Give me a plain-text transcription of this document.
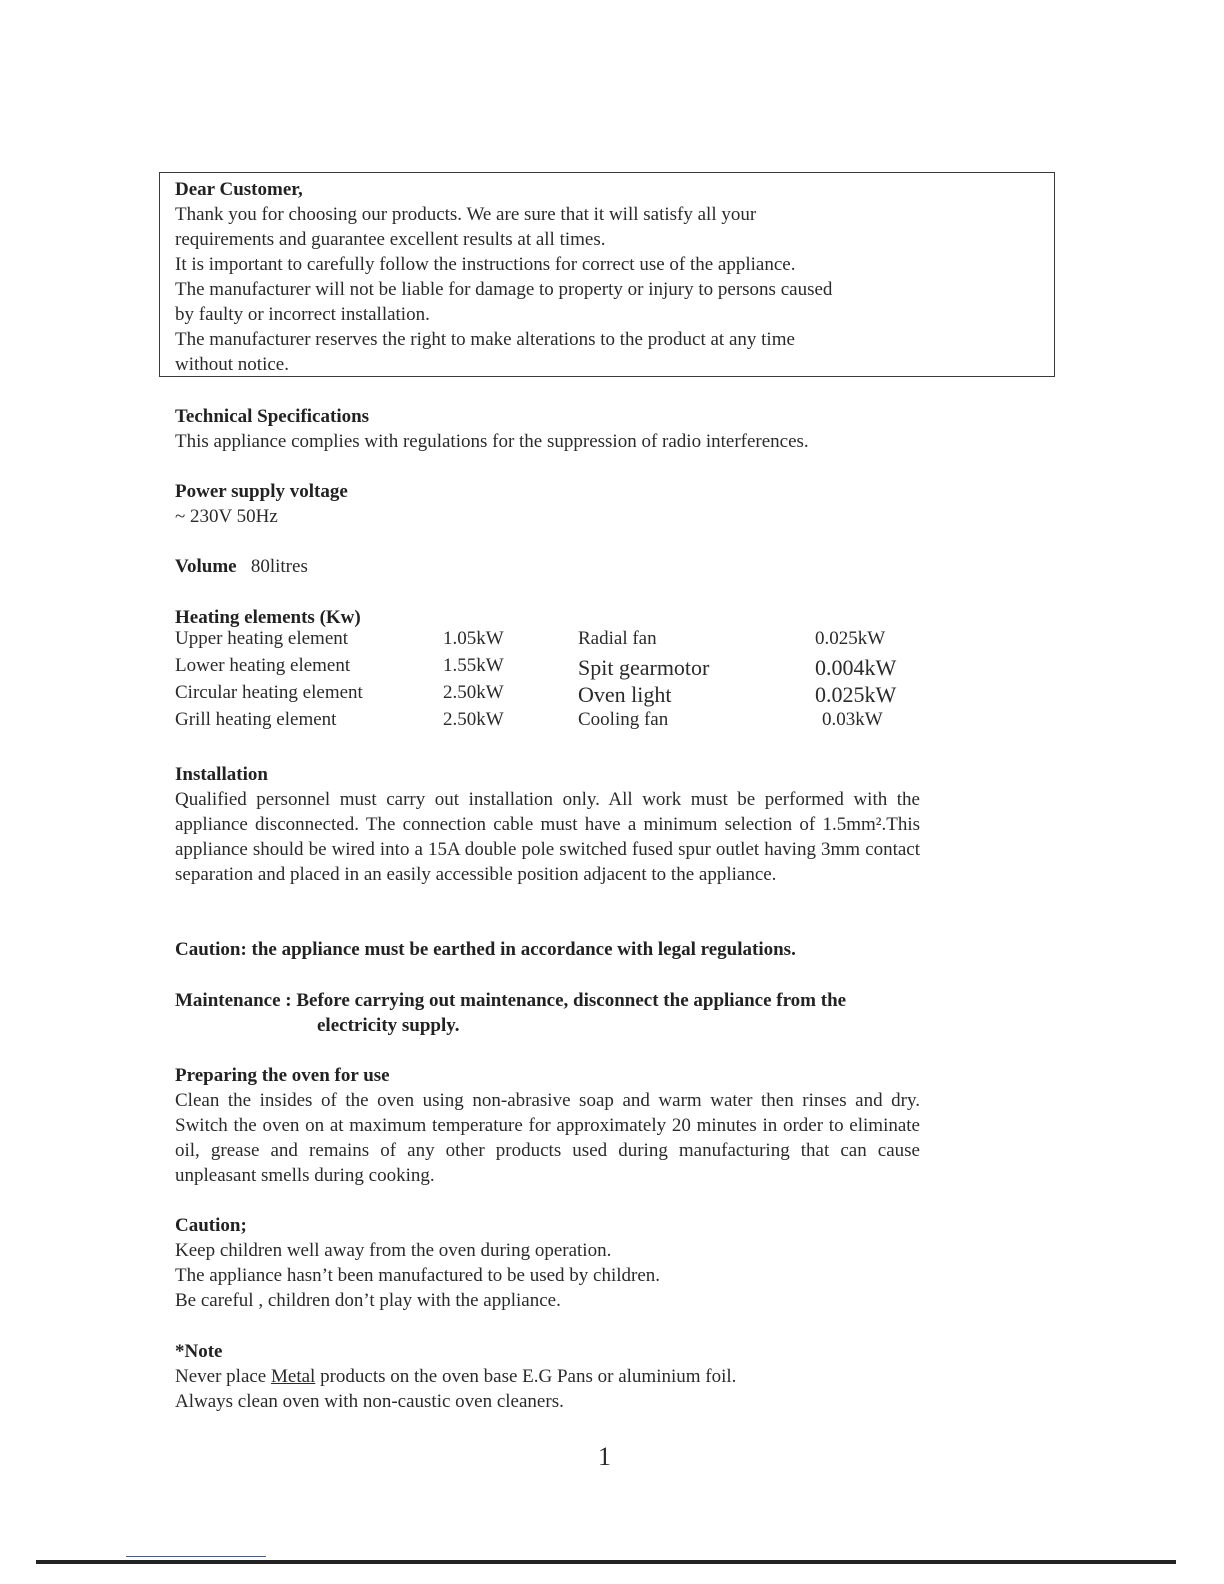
Dear Customer,

Thank you for choosing our products. We are sure that it will satisfy all your

requirements and guarantee excellent results at all times.

It is important to carefully follow the instructions for correct use of the appliance.

The manufacturer will not be liable for damage to property or injury to persons caused

by faulty or incorrect installation.

The manufacturer reserves the right to make alterations to the product at any time

without notice.

Technical Specifications

This appliance complies with regulations for the suppression of radio interferences.

Power supply voltage

~ 230V 50Hz

Volume 80litres

Heating elements (Kw)

Upper heating element	1.05kW	Radial fan	0.025kW
Lower heating element	1.55kW	Spit gearmotor	0.004kW
Circular heating element	2.50kW	Oven light	0.025kW
Grill heating element	2.50kW	Cooling fan	0.03kW

Installation

Qualified personnel must carry out installation only. All work must be performed with the appliance disconnected. The connection cable must have a minimum selection of 1.5mm².This appliance should be wired into a 15A double pole switched fused spur outlet having 3mm contact separation and placed in an easily accessible position adjacent to the appliance.

Caution: the appliance must be earthed in accordance with legal regulations.

Maintenance : Before carrying out maintenance, disconnect the appliance from the

electricity supply.

Preparing the oven for use

Clean the insides of the oven using non-abrasive soap and warm water then rinses and dry. Switch the oven on at maximum temperature for approximately 20 minutes in order to eliminate oil, grease and remains of any other products used during manufacturing that can cause unpleasant smells during cooking.

Caution;

Keep children well away from the oven during operation.

The appliance hasn’t been manufactured to be used by children.

Be careful , children don’t play with the appliance.

*Note

Never place Metal products on the oven base E.G Pans or aluminium foil.

Always clean oven with non-caustic oven cleaners.

1
